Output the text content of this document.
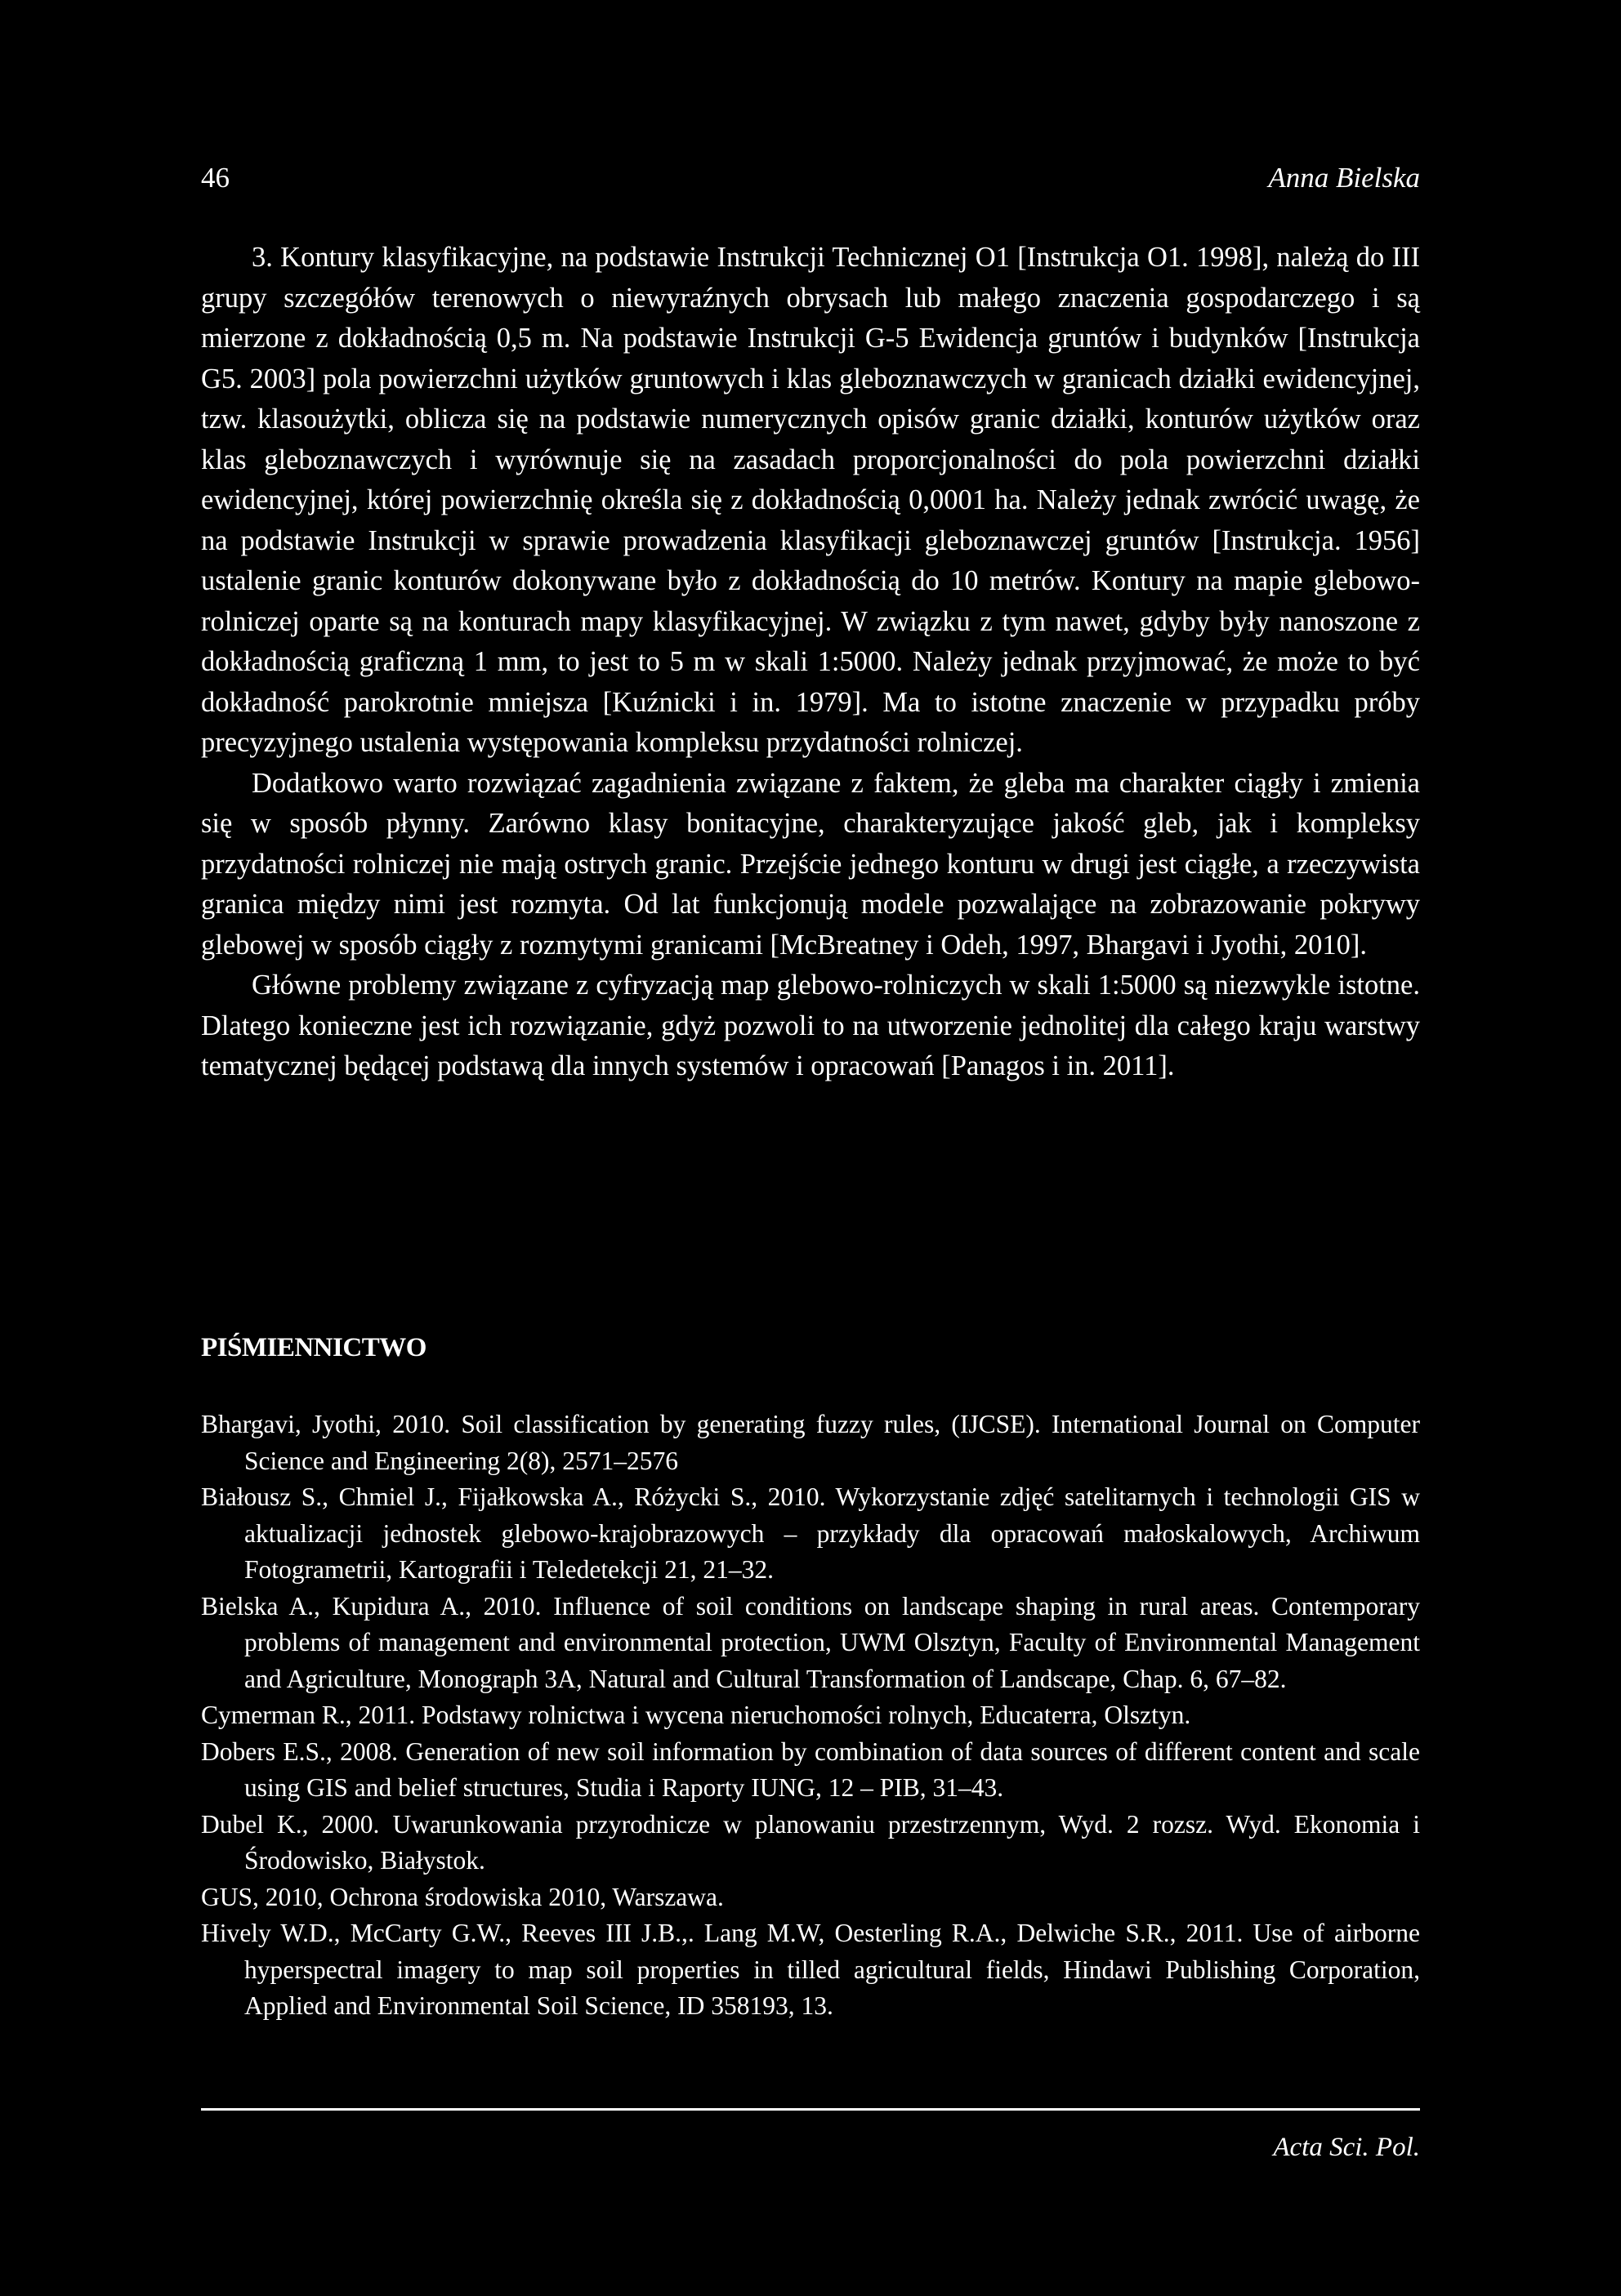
46	Anna Bielska

3. Kontury klasyfikacyjne, na podstawie Instrukcji Technicznej O1 [Instrukcja O1. 1998], należą do III grupy szczegółów terenowych o niewyraźnych obrysach lub małego znaczenia gospodarczego i są mierzone z dokładnością 0,5 m. Na podstawie Instrukcji G-5 Ewidencja gruntów i budynków [Instrukcja G5. 2003] pola powierzchni użytków gruntowych i klas gleboznawczych w granicach działki ewidencyjnej, tzw. klasoużytki, oblicza się na podstawie numerycznych opisów granic działki, konturów użytków oraz klas gleboznawczych i wyrównuje się na zasadach proporcjonalności do pola powierzchni działki ewidencyjnej, której powierzchnię określa się z dokładnością 0,0001 ha. Należy jednak zwrócić uwagę, że na podstawie Instrukcji w sprawie prowadzenia klasyfikacji gleboznawczej gruntów [Instrukcja. 1956] ustalenie granic konturów dokonywane było z dokładnością do 10 metrów. Kontury na mapie glebowo-rolniczej oparte są na konturach mapy klasyfikacyjnej. W związku z tym nawet, gdyby były nanoszone z dokładnością graficzną 1 mm, to jest to 5 m w skali 1:5000. Należy jednak przyjmować, że może to być dokładność parokrotnie mniejsza [Kuźnicki i in. 1979]. Ma to istotne znaczenie w przypadku próby precyzyjnego ustalenia występowania kompleksu przydatności rolniczej.

Dodatkowo warto rozwiązać zagadnienia związane z faktem, że gleba ma charakter ciągły i zmienia się w sposób płynny. Zarówno klasy bonitacyjne, charakteryzujące jakość gleb, jak i kompleksy przydatności rolniczej nie mają ostrych granic. Przejście jednego konturu w drugi jest ciągłe, a rzeczywista granica między nimi jest rozmyta. Od lat funkcjonują modele pozwalające na zobrazowanie pokrywy glebowej w sposób ciągły z rozmytymi granicami [McBreatney i Odeh, 1997, Bhargavi i Jyothi, 2010].

Główne problemy związane z cyfryzacją map glebowo-rolniczych w skali 1:5000 są niezwykle istotne. Dlatego konieczne jest ich rozwiązanie, gdyż pozwoli to na utworzenie jednolitej dla całego kraju warstwy tematycznej będącej podstawą dla innych systemów i opracowań [Panagos i in. 2011].

PIŚMIENNICTWO

Bhargavi, Jyothi, 2010. Soil classification by generating fuzzy rules, (IJCSE). International Journal on Computer Science and Engineering 2(8), 2571–2576

Białousz S., Chmiel J., Fijałkowska A., Różycki S., 2010. Wykorzystanie zdjęć satelitarnych i technologii GIS w aktualizacji jednostek glebowo-krajobrazowych – przykłady dla opracowań małoskalowych, Archiwum Fotogrametrii, Kartografii i Teledetekcji 21, 21–32.

Bielska A., Kupidura A., 2010. Influence of soil conditions on landscape shaping in rural areas. Contemporary problems of management and environmental protection, UWM Olsztyn, Faculty of Environmental Management and Agriculture, Monograph 3A, Natural and Cultural Transformation of Landscape, Chap. 6, 67–82.

Cymerman R., 2011. Podstawy rolnictwa i wycena nieruchomości rolnych, Educaterra, Olsztyn.

Dobers E.S., 2008. Generation of new soil information by combination of data sources of different content and scale using GIS and belief structures, Studia i Raporty IUNG, 12 – PIB, 31–43.

Dubel K., 2000. Uwarunkowania przyrodnicze w planowaniu przestrzennym, Wyd. 2 rozsz. Wyd. Ekonomia i Środowisko, Białystok.

GUS, 2010, Ochrona środowiska 2010, Warszawa.

Hively W.D., McCarty G.W., Reeves III J.B.,. Lang M.W, Oesterling R.A., Delwiche S.R., 2011. Use of airborne hyperspectral imagery to map soil properties in tilled agricultural fields, Hindawi Publishing Corporation, Applied and Environmental Soil Science, ID 358193, 13.

Acta Sci. Pol.
